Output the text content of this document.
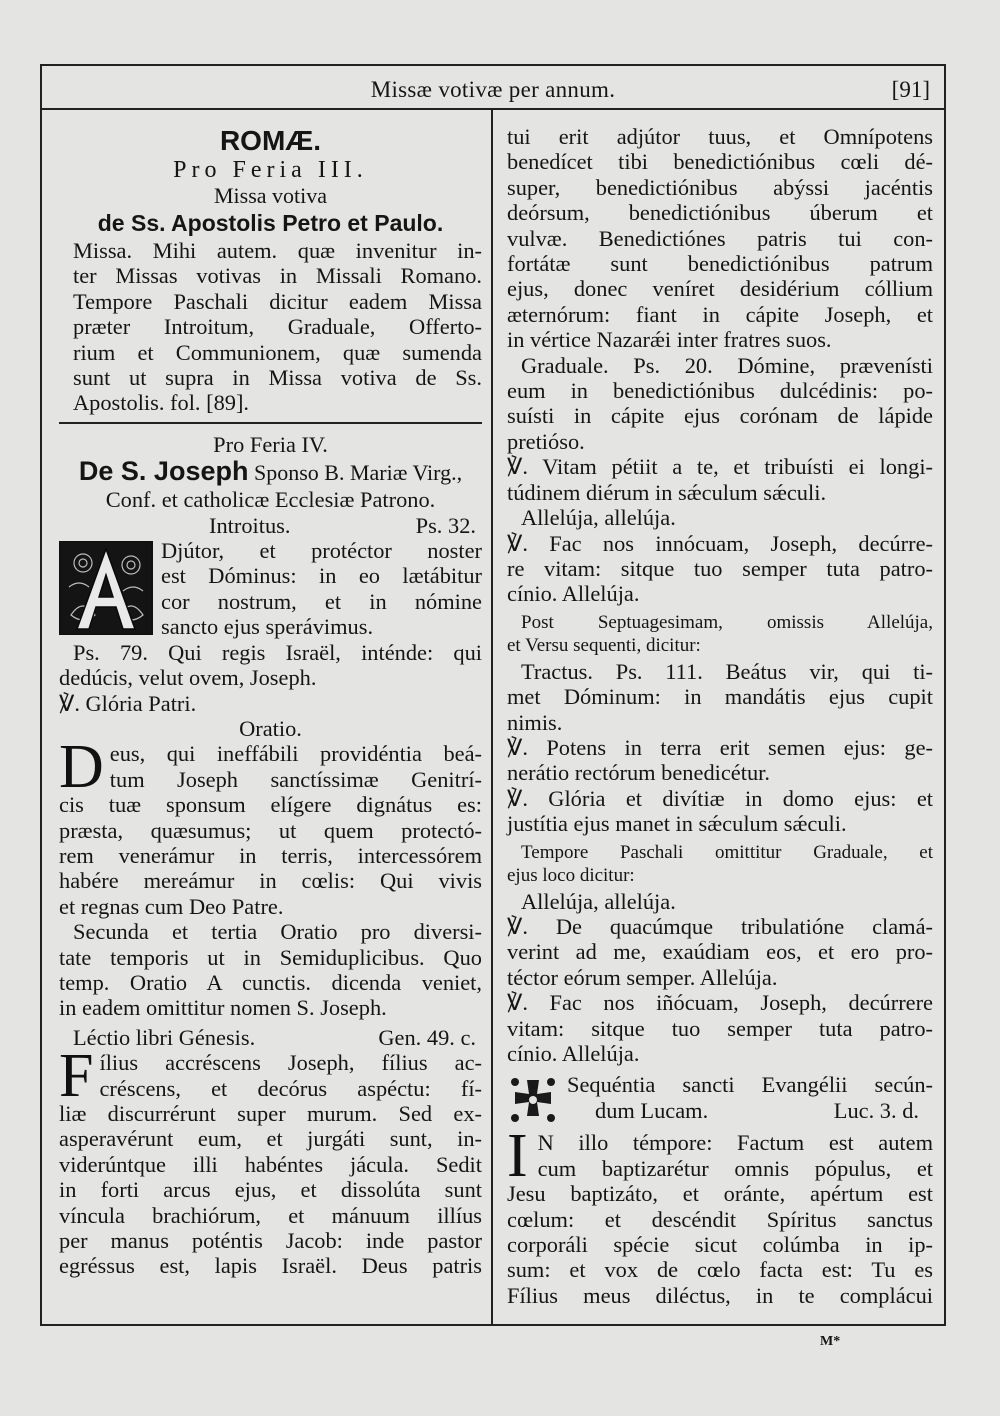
Missæ votivæ per annum.	[91]

ROMÆ.

Pro Feria III.

Missa votiva

de Ss. Apostolis Petro et Paulo.

Missa. Mihi autem. quæ invenitur in-

ter Missas votivas in Missali Romano.

Tempore Paschali dicitur eadem Missa

præter Introitum, Graduale, Offerto-

rium et Communionem, quæ sumenda

sunt ut supra in Missa votiva de Ss.

Apostolis. fol. [89].

Pro Feria IV.

De S. Joseph Sponso B. Mariæ Virg.,

Conf. et catholicæ Ecclesiæ Patrono.

Introitus.	Ps. 32.

Djútor, et protéctor noster

est Dóminus: in eo lætábitur

cor nostrum, et in nómine

sancto ejus sperávimus.

Ps. 79. Qui regis Israël, inténde: qui

dedúcis, velut ovem, Joseph.

℣. Glória Patri.

Oratio.

D eus, qui ineffábili providéntia beá-

tum Joseph sanctíssimæ Genitrí-

cis tuæ sponsum elígere dignátus es:

præsta, quæsumus; ut quem protectó-

rem venerámur in terris, intercessórem

habére mereámur in cœlis: Qui vivis

et regnas cum Deo Patre.

Secunda et tertia Oratio pro diversi-

tate temporis ut in Semiduplicibus. Quo

temp. Oratio A cunctis. dicenda veniet,

in eadem omittitur nomen S. Joseph.

Léctio libri Génesis.	Gen. 49. c.
F ílius accréscens Joseph, fílius ac-

créscens, et decórus aspéctu: fí-

liæ discurrérunt super murum. Sed ex-

asperavérunt eum, et jurgáti sunt, in-

viderúntque illi habéntes jácula. Sedit

in forti arcus ejus, et dissolúta sunt

víncula brachiórum, et mánuum illíus

per manus poténtis Jacob: inde pastor

egréssus est, lapis Israël. Deus patris

tui erit adjútor tuus, et Omnípotens

benedícet tibi benedictiónibus cœli dé-

super, benedictiónibus abýssi jacéntis

deórsum, benedictiónibus úberum et

vulvæ. Benedictiónes patris tui con-

fortátæ sunt benedictiónibus patrum

ejus, donec veníret desidérium cóllium

æternórum: fiant in cápite Joseph, et

in vértice Nazarǽi inter fratres suos.

Graduale. Ps. 20. Dómine, prævenísti

eum in benedictiónibus dulcédinis: po-

suísti in cápite ejus corónam de lápide

pretióso.

℣. Vitam pétiit a te, et tribuísti ei longi-

túdinem diérum in sǽculum sǽculi.

Allelúja, allelúja.

℣. Fac nos innócuam, Joseph, decúrre-

re vitam: sitque tuo semper tuta patro-

cínio. Allelúja.

Post Septuagesimam, omissis Allelúja,

et Versu sequenti, dicitur:

Tractus. Ps. 111. Beátus vir, qui ti-

met Dóminum: in mandátis ejus cupit

nimis.

℣. Potens in terra erit semen ejus: ge-

nerátio rectórum benedicétur.

℣. Glória et divítiæ in domo ejus: et

justítia ejus manet in sǽculum sǽculi.

Tempore Paschali omittitur Graduale, et

ejus loco dicitur:

Allelúja, allelúja.

℣. De quacúmque tribulatióne clamá-

verint ad me, exaúdiam eos, et ero pro-

téctor eórum semper. Allelúja.

℣. Fac nos iñócuam, Joseph, decúrrere

vitam: sitque tuo semper tuta patro-

cínio. Allelúja.

Sequéntia sancti Evangélii secún-

dum Lucam.	Luc. 3. d.
I N illo témpore: Factum est autem

cum baptizarétur omnis pópulus, et

Jesu baptizáto, et oránte, apértum est

cœlum: et descéndit Spíritus sanctus

corporáli spécie sicut colúmba in ip-

sum: et vox de cœlo facta est: Tu es

Fílius meus diléctus, in te complácui

M*
